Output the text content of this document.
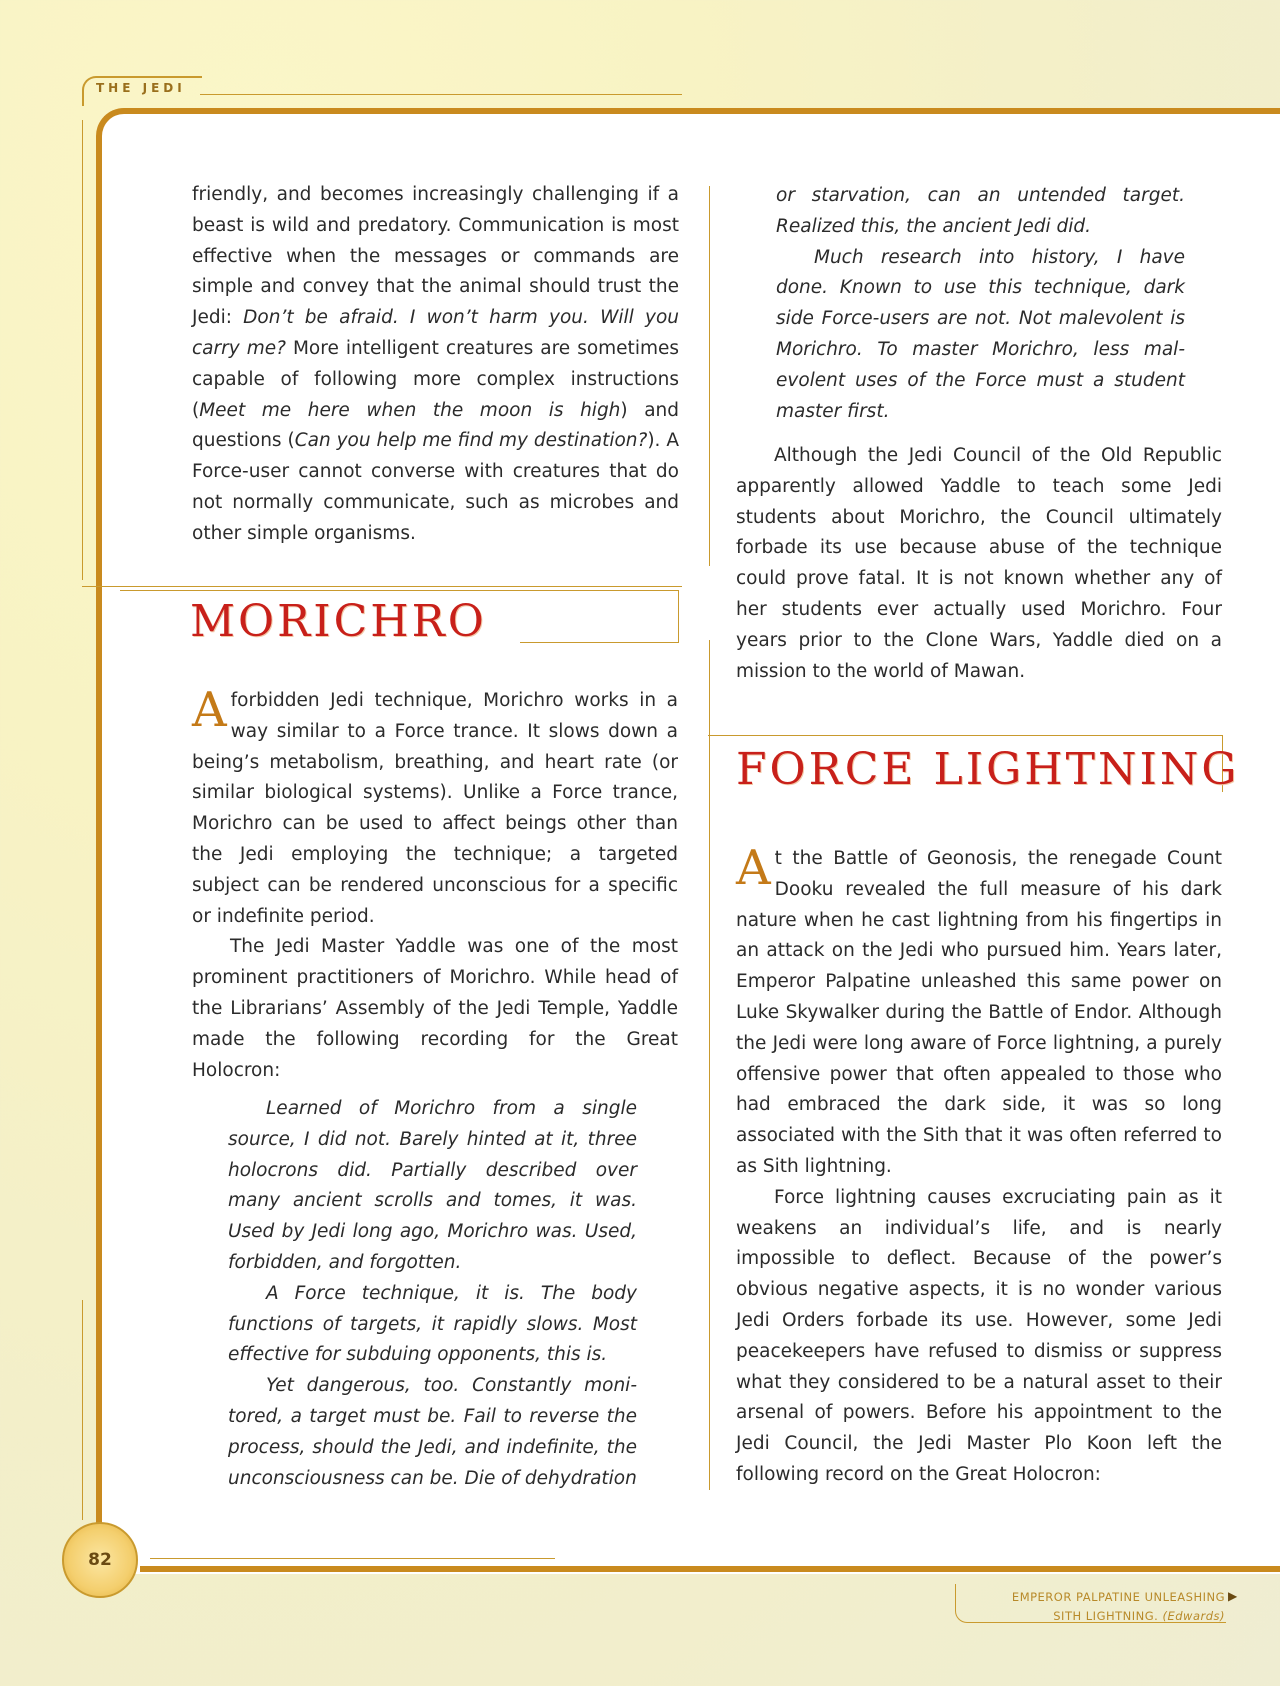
THE JEDI

friendly, and becomes increasingly challenging if a beast is wild and predatory. Communication is most effective when the messages or commands are simple and convey that the animal should trust the Jedi: Don’t be afraid. I won’t harm you. Will you carry me? More intelligent creatures are sometimes capable of following more complex instructions (Meet me here when the moon is high) and questions (Can you help me find my destination?). A Force-user cannot converse with creatures that do not normally communicate, such as microbes and other simple organisms.

MORICHRO

Aforbidden Jedi technique, Morichro works in a way similar to a Force trance. It slows down a being’s metabolism, breathing, and heart rate (or similar biological systems). Unlike a Force trance, Morichro can be used to affect beings other than the Jedi employing the technique; a targeted subject can be rendered unconscious for a specific or indefinite period.

The Jedi Master Yaddle was one of the most prominent practitioners of Morichro. While head of the Librarians’ Assembly of the Jedi Temple, Yaddle made the following recording for the Great Holocron:

Learned of Morichro from a single source, I did not. Barely hinted at it, three holocrons did. Partially described over many ancient scrolls and tomes, it was. Used by Jedi long ago, Morichro was. Used, forbidden, and forgotten.

A Force technique, it is. The body functions of targets, it rapidly slows. Most effective for subduing opponents, this is.

Yet dangerous, too. Constantly moni-tored, a target must be. Fail to reverse the process, should the Jedi, and indefinite, the unconsciousness can be. Die of dehydration

or starvation, can an untended target. Realized this, the ancient Jedi did.

Much research into history, I have done. Known to use this technique, dark side Force-users are not. Not malevolent is Morichro. To master Morichro, less mal-evolent uses of the Force must a student master first.

Although the Jedi Council of the Old Republic apparently allowed Yaddle to teach some Jedi students about Morichro, the Council ultimately forbade its use because abuse of the technique could prove fatal. It is not known whether any of her students ever actually used Morichro. Four years prior to the Clone Wars, Yaddle died on a mission to the world of Mawan.

FORCE LIGHTNING

At the Battle of Geonosis, the renegade Count Dooku revealed the full measure of his dark nature when he cast lightning from his fingertips in an attack on the Jedi who pursued him. Years later, Emperor Palpatine unleashed this same power on Luke Skywalker during the Battle of Endor. Although the Jedi were long aware of Force lightning, a purely offensive power that often appealed to those who had embraced the dark side, it was so long associated with the Sith that it was often referred to as Sith lightning.

Force lightning causes excruciating pain as it weakens an individual’s life, and is nearly impossible to deflect. Because of the power’s obvious negative aspects, it is no wonder various Jedi Orders forbade its use. However, some Jedi peacekeepers have refused to dismiss or suppress what they considered to be a natural asset to their arsenal of powers. Before his appointment to the Jedi Council, the Jedi Master Plo Koon left the following record on the Great Holocron:

82
EMPEROR PALPATINE UNLEASHING
SITH LIGHTNING. (Edwards)
▶
